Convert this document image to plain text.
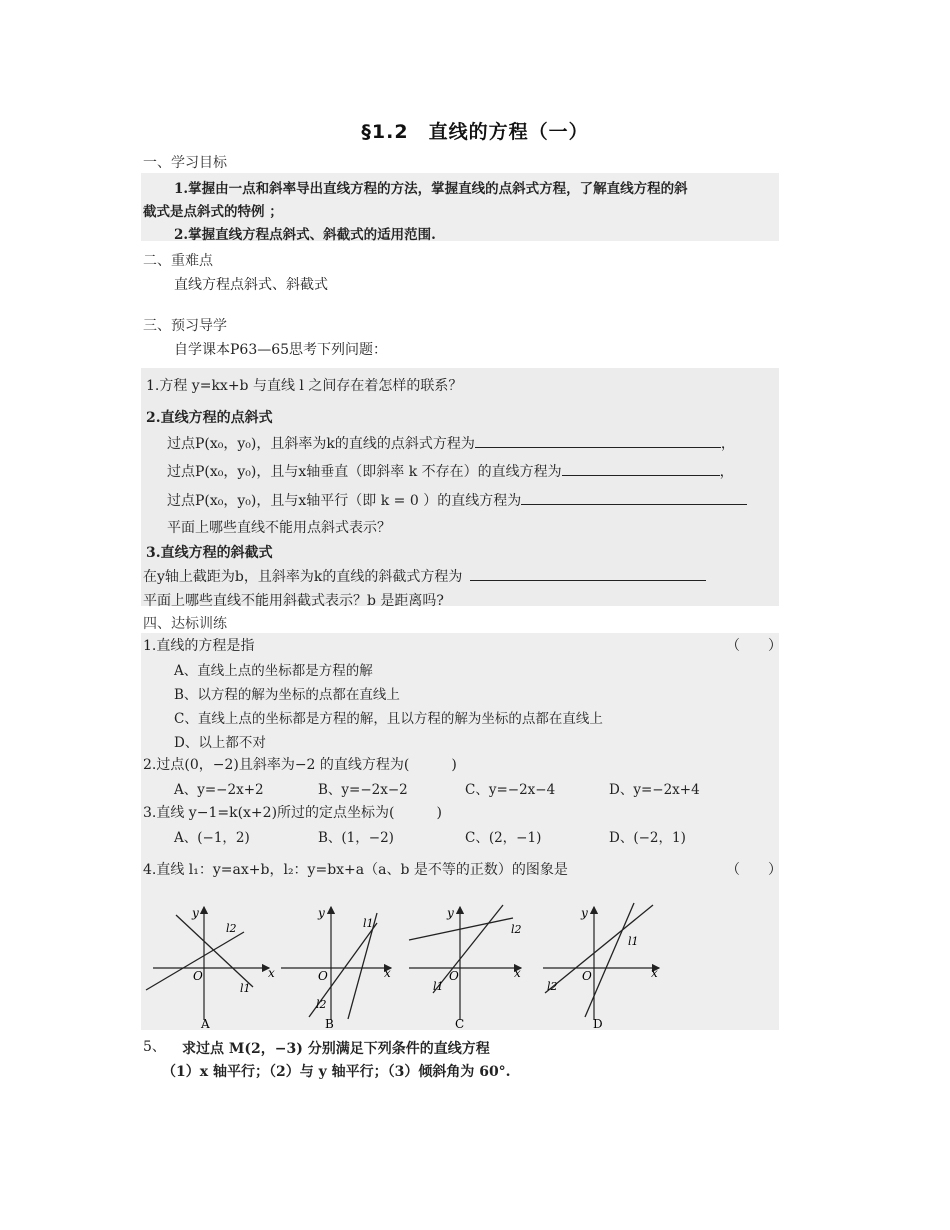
§1.2　直线的方程（一）
一、学习目标
1.掌握由一点和斜率导出直线方程的方法，掌握直线的点斜式方程，了解直线方程的斜
截式是点斜式的特例 ；
2.掌握直线方程点斜式、斜截式的适用范围.
二、重难点
直线方程点斜式、斜截式
三、预习导学
自学课本P63—65思考下列问题：
1.方程 y=kx+b 与直线 l 之间存在着怎样的联系？
2.直线方程的点斜式
过点P(x₀，y₀)，且斜率为k的直线的点斜式方程为	，
过点P(x₀，y₀)，且与x轴垂直（即斜率 k 不存在）的直线方程为	，
过点P(x₀，y₀)，且与x轴平行（即 k = 0 ）的直线方程为
平面上哪些直线不能用点斜式表示？
3.直线方程的斜截式
在y轴上截距为b，且斜率为k的直线的斜截式方程为
平面上哪些直线不能用斜截式表示？b 是距离吗?
四、达标训练
1.直线的方程是指	（　　）
A、直线上点的坐标都是方程的解
B、以方程的解为坐标的点都在直线上
C、直线上点的坐标都是方程的解，且以方程的解为坐标的点都在直线上
D、以上都不对
2.过点(0，−2)且斜率为−2 的直线方程为(　　　)
A、y=−2x+2	B、y=−2x−2	C、y=−2x−4	D、y=−2x+4
3.直线 y−1=k(x+2)所过的定点坐标为(　　　)
A、(−1，2)	B、(1，−2)	C、(2，−1)	D、(−2，1)
4.直线 l₁：y=ax+b，l₂：y=bx+a（a、b 是不等的正数）的图象是	（　　）
y
x
O
l2
l1
A
y
x
O
l1
l2
B
y
x
O
l2
l1
C
y
x
O
l1
l2
D
5、 求过点 M(2，−3) 分别满足下列条件的直线方程
（1）x 轴平行；（2）与 y 轴平行；（3）倾斜角为 60°.
